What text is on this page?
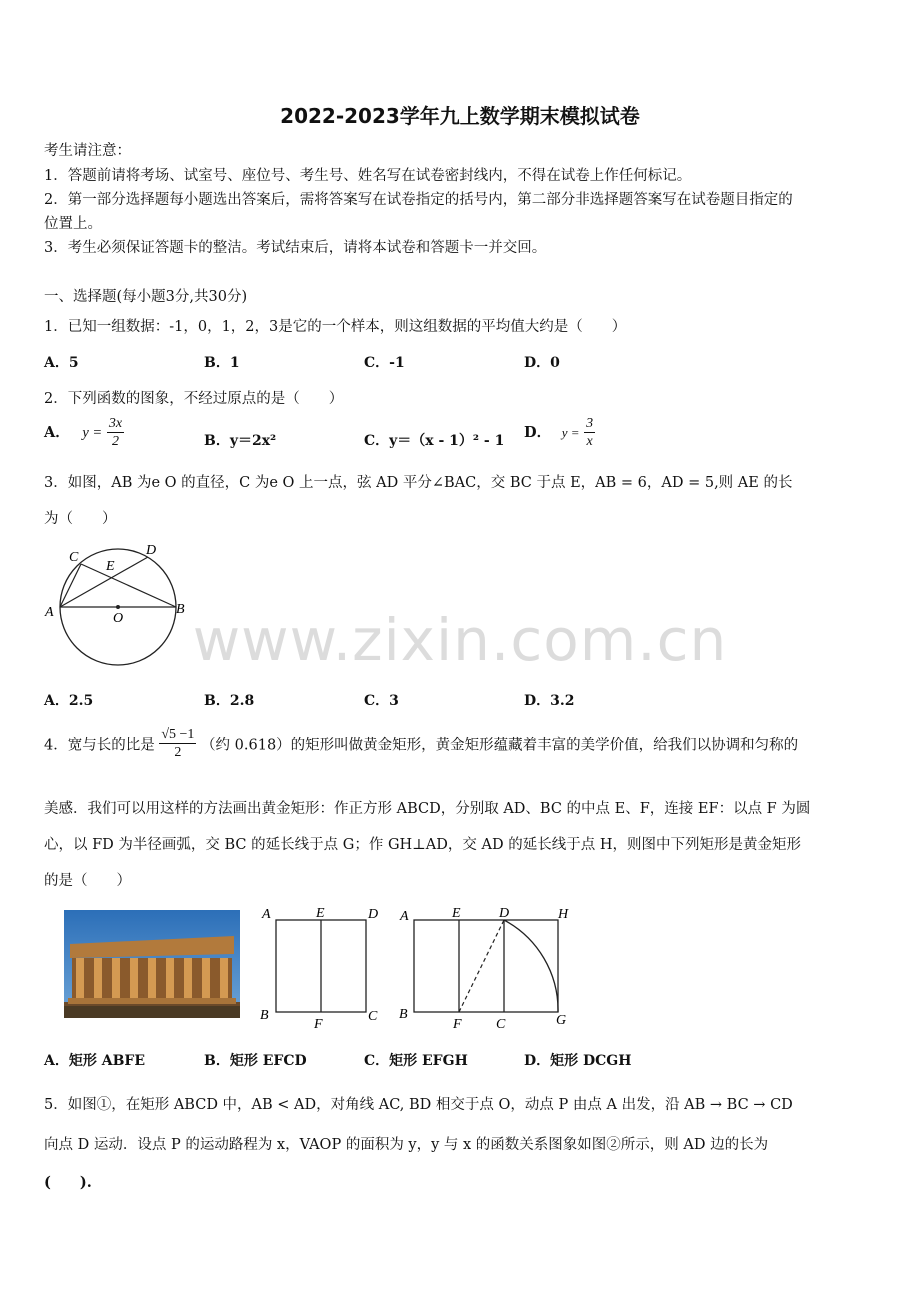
2022-2023学年九上数学期末模拟试卷
考生请注意：
1．答题前请将考场、试室号、座位号、考生号、姓名写在试卷密封线内，不得在试卷上作任何标记。
2．第一部分选择题每小题选出答案后，需将答案写在试卷指定的括号内，第二部分非选择题答案写在试卷题目指定的
位置上。
3．考生必须保证答题卡的整洁。考试结束后，请将本试卷和答题卡一并交回。
一、选择题(每小题3分,共30分)
1．已知一组数据：-1，0，1，2，3是它的一个样本，则这组数据的平均值大约是（　　）
A．5	B．1	C．-1	D．0
2．下列函数的图象，不经过原点的是（　　）
A． $y = \frac{3x}{2}$	B．y＝2x²	C．y＝（x - 1）² - 1 D． $y = \frac{3}{x}$
3．如图，AB 为e O 的直径，C 为e O 上一点，弦 AD 平分∠BAC，交 BC 于点 E，AB = 6，AD = 5,则 AE 的长
为（　　）
C	D
E
A	O
B
A．2.5	B．2.8	C．3	D．3.2
4．宽与长的比是 $\frac{√5 -1}{2}$ （约 0.618）的矩形叫做黄金矩形，黄金矩形蕴藏着丰富的美学价值，给我们以协调和匀称的
美感．我们可以用这样的方法画出黄金矩形：作正方形 ABCD，分别取 AD、BC 的中点 E、F，连接 EF：以点 F 为圆
心，以 FD 为半径画弧，交 BC 的延长线于点 G；作 GH⊥AD，交 AD 的延长线于点 H，则图中下列矩形是黄金矩形
的是（　　）
A	E	D
B
F
C
A	E	D	H
B
F C	G
A．矩形 ABFE	B．矩形 EFCD	C．矩形 EFGH	D．矩形 DCGH
5．如图①，在矩形 ABCD 中，AB < AD，对角线 AC, BD 相交于点 O，动点 P 由点 A 出发，沿 AB → BC → CD
向点 D 运动．设点 P 的运动路程为 x，VAOP 的面积为 y，y 与 x 的函数关系图象如图②所示，则 AD 边的长为
(　　).
www.zixin.com.cn
